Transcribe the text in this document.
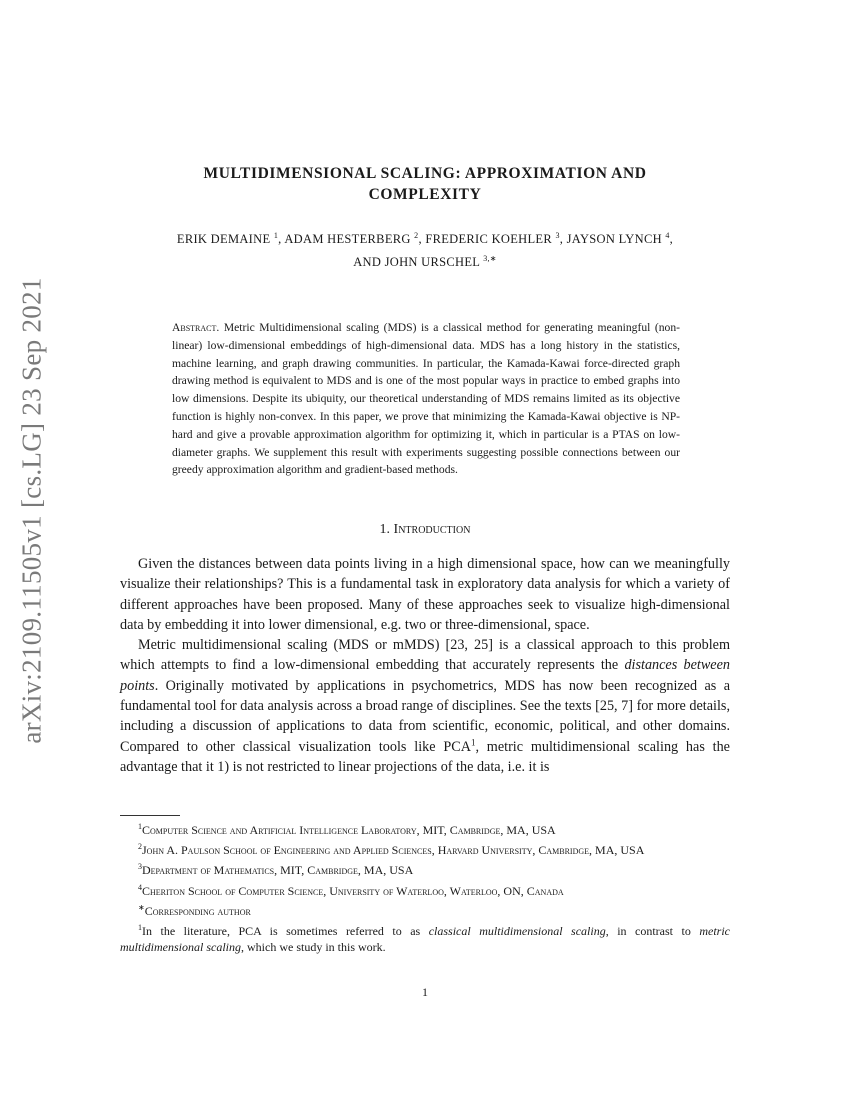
arXiv:2109.11505v1 [cs.LG] 23 Sep 2021
MULTIDIMENSIONAL SCALING: APPROXIMATION AND
COMPLEXITY
ERIK DEMAINE $^1$, ADAM HESTERBERG $^2$, FREDERIC KOEHLER $^3$, JAYSON LYNCH $^4$,
AND JOHN URSCHEL $^{3,∗}$
Abstract. Metric Multidimensional scaling (MDS) is a classical method for generating meaningful (non-linear) low-dimensional embeddings of high-dimensional data. MDS has a long history in the statistics, machine learning, and graph drawing communities. In particular, the Kamada-Kawai force-directed graph drawing method is equivalent to MDS and is one of the most popular ways in practice to embed graphs into low dimensions. Despite its ubiquity, our theoretical understanding of MDS remains limited as its objective function is highly non-convex. In this paper, we prove that minimizing the Kamada-Kawai objective is NP-hard and give a provable approximation algorithm for optimizing it, which in particular is a PTAS on low-diameter graphs. We supplement this result with experiments suggesting possible connections between our greedy approximation algorithm and gradient-based methods.
1. Introduction

Given the distances between data points living in a high dimensional space, how can we meaningfully visualize their relationships? This is a fundamental task in exploratory data analysis for which a variety of different approaches have been proposed. Many of these approaches seek to visualize high-dimensional data by embedding it into lower dimensional, e.g. two or three-dimensional, space.

Metric multidimensional scaling (MDS or mMDS) [23, 25] is a classical approach to this problem which attempts to find a low-dimensional embedding that accurately represents the distances between points. Originally motivated by applications in psychometrics, MDS has now been recognized as a fundamental tool for data analysis across a broad range of disciplines. See the texts [25, 7] for more details, including a discussion of applications to data from scientific, economic, political, and other domains. Compared to other classical visualization tools like PCA$^1$, metric multidimensional scaling has the advantage that it 1) is not restricted to linear projections of the data, i.e. it is

$^1$Computer Science and Artificial Intelligence Laboratory, MIT, Cambridge, MA, USA
$^2$John A. Paulson School of Engineering and Applied Sciences, Harvard University, Cambridge, MA, USA
$^3$Department of Mathematics, MIT, Cambridge, MA, USA
$^4$Cheriton School of Computer Science, University of Waterloo, Waterloo, ON, Canada
∗Corresponding author
$^1$In the literature, PCA is sometimes referred to as classical multidimensional scaling, in contrast to metric multidimensional scaling, which we study in this work.
1
